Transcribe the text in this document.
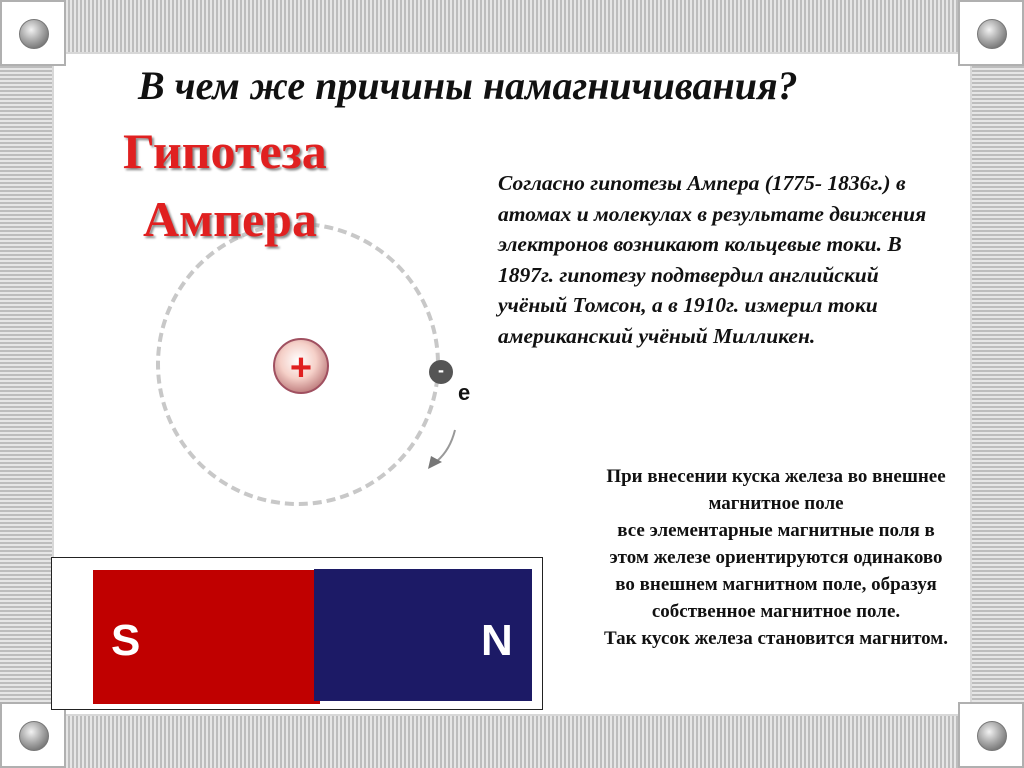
В чем же причины намагничивания?
+	-
e
Гипотеза
Ампера
Согласно гипотезы Ампера (1775- 1836г.) в
атомах и молекулах в результате движения
электронов возникают кольцевые токи. В
1897г. гипотезу подтвердил английский
учёный Томсон, а в 1910г. измерил токи
американский учёный Милликен.
При внесении куска железа во внешнее
магнитное поле
все элементарные магнитные поля в
этом железе ориентируются одинаково
во внешнем магнитном поле, образуя
собственное магнитное поле.
Так кусок железа становится магнитом.
S	N
